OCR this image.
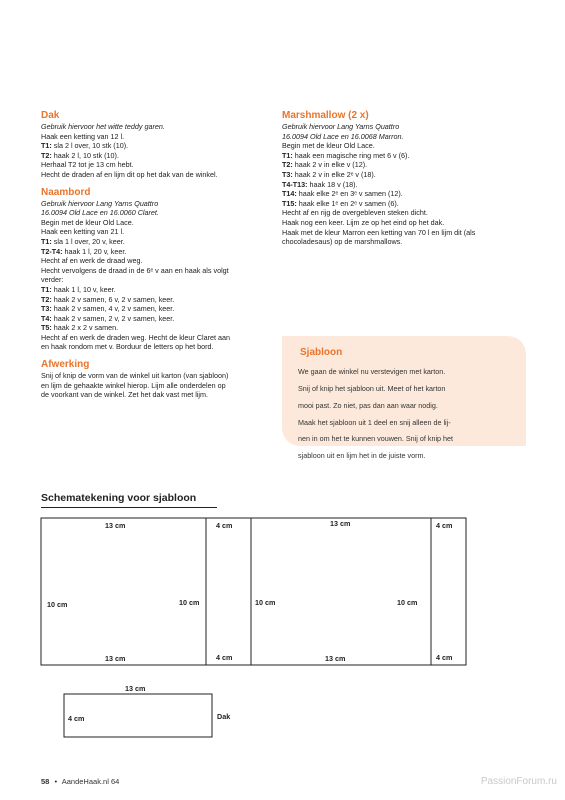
Dak

Gebruik hiervoor het witte teddy garen.

Haak een ketting van 12 l.

T1: sla 2 l over, 10 stk (10).

T2: haak 2 l, 10 stk (10).

Herhaal T2 tot je 13 cm hebt.

Hecht de draden af en lijm dit op het dak van de winkel.

Naambord

Gebruik hiervoor Lang Yarns Quattro

16.0094 Old Lace en 16.0060 Claret.

Begin met de kleur Old Lace.

Haak een ketting van 21 l.

T1: sla 1 l over, 20 v, keer.

T2-T4: haak 1 l, 20 v, keer.

Hecht af en werk de draad weg.

Hecht vervolgens de draad in de 6ᵉ v aan en haak als volgt

verder:

T1: haak 1 l, 10 v, keer.

T2: haak 2 v samen, 6 v, 2 v samen, keer.

T3: haak 2 v samen, 4 v, 2 v samen, keer.

T4: haak 2 v samen, 2 v, 2 v samen, keer.

T5: haak 2 x 2 v samen.

Hecht af en werk de draden weg. Hecht de kleur Claret aan

en haak rondom met v. Borduur de letters op het bord.

Afwerking

Snij of knip de vorm van de winkel uit karton (van sjabloon)

en lijm de gehaakte winkel hierop. Lijm alle onderdelen op

de voorkant van de winkel. Zet het dak vast met lijm.

Marshmallow (2 x)

Gebruik hiervoor Lang Yarns Quattro

16.0094 Old Lace en 16.0068 Marron.

Begin met de kleur Old Lace.

T1: haak een magische ring met 6 v (6).

T2: haak 2 v in elke v (12).

T3: haak 2 v in elke 2ᵉ v (18).

T4-T13: haak 18 v (18).

T14: haak elke 2ᵉ en 3ᵉ v samen (12).

T15: haak elke 1ᵉ en 2ᵉ v samen (6).

Hecht af en rijg de overgebleven steken dicht.

Haak nog een keer. Lijm ze op het eind op het dak.

Haak met de kleur Marron een ketting van 70 l en lijm dit (als

chocoladesaus) op de marshmallows.

Sjabloon

We gaan de winkel nu verstevigen met karton.

Snij of knip het sjabloon uit. Meet of het karton

mooi past. Zo niet, pas dan aan waar nodig.

Maak het sjabloon uit 1 deel en snij alleen de lij-

nen in om het te kunnen vouwen. Snij of knip het

sjabloon uit en lijm het in de juiste vorm.

Schematekening voor sjabloon
13 cm
13 cm
10 cm	10 cm
4 cm
4 cm
13 cm
13 cm
10 cm	10 cm
4 cm
4 cm
13 cm
4 cm	Dak
58 • AandeHaak.nl 64	PassionForum.ru
